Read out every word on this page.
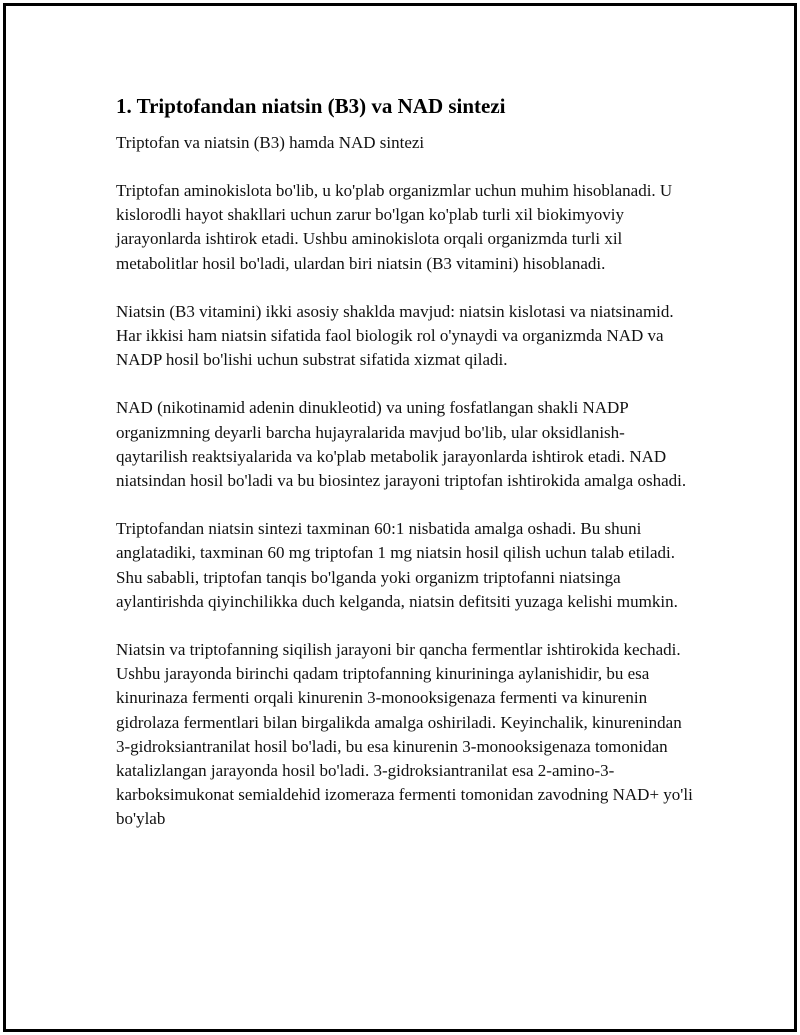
1. Triptofandan niatsin (B3) va NAD sintezi

Triptofan va niatsin (B3) hamda NAD sintezi

Triptofan aminokislota bo'lib, u ko'plab organizmlar uchun muhim hisoblanadi. U kislorodli hayot shakllari uchun zarur bo'lgan ko'plab turli xil biokimyoviy jarayonlarda ishtirok etadi. Ushbu aminokislota orqali organizmda turli xil metabolitlar hosil bo'ladi, ulardan biri niatsin (B3 vitamini) hisoblanadi.

Niatsin (B3 vitamini) ikki asosiy shaklda mavjud: niatsin kislotasi va niatsinamid. Har ikkisi ham niatsin sifatida faol biologik rol o'ynaydi va organizmda NAD va NADP hosil bo'lishi uchun substrat sifatida xizmat qiladi.

NAD (nikotinamid adenin dinukleotid) va uning fosfatlangan shakli NADP organizmning deyarli barcha hujayralarida mavjud bo'lib, ular oksidlanish-qaytarilish reaktsiyalarida va ko'plab metabolik jarayonlarda ishtirok etadi. NAD niatsindan hosil bo'ladi va bu biosintez jarayoni triptofan ishtirokida amalga oshadi.

Triptofandan niatsin sintezi taxminan 60:1 nisbatida amalga oshadi. Bu shuni anglatadiki, taxminan 60 mg triptofan 1 mg niatsin hosil qilish uchun talab etiladi. Shu sababli, triptofan tanqis bo'lganda yoki organizm triptofanni niatsinga aylantirishda qiyinchilikka duch kelganda, niatsin defitsiti yuzaga kelishi mumkin.

Niatsin va triptofanning siqilish jarayoni bir qancha fermentlar ishtirokida kechadi. Ushbu jarayonda birinchi qadam triptofanning kinurininga aylanishidir, bu esa kinurinaza fermenti orqali kinurenin 3-monooksigenaza fermenti va kinurenin gidrolaza fermentlari bilan birgalikda amalga oshiriladi. Keyinchalik, kinurenindan 3-gidroksiantranilat hosil bo'ladi, bu esa kinurenin 3-monooksigenaza tomonidan katalizlangan jarayonda hosil bo'ladi. 3-gidroksiantranilat esa 2-amino-3-karboksimukonat semialdehid izomeraza fermenti tomonidan zavodning NAD+ yo'li bo'ylab
